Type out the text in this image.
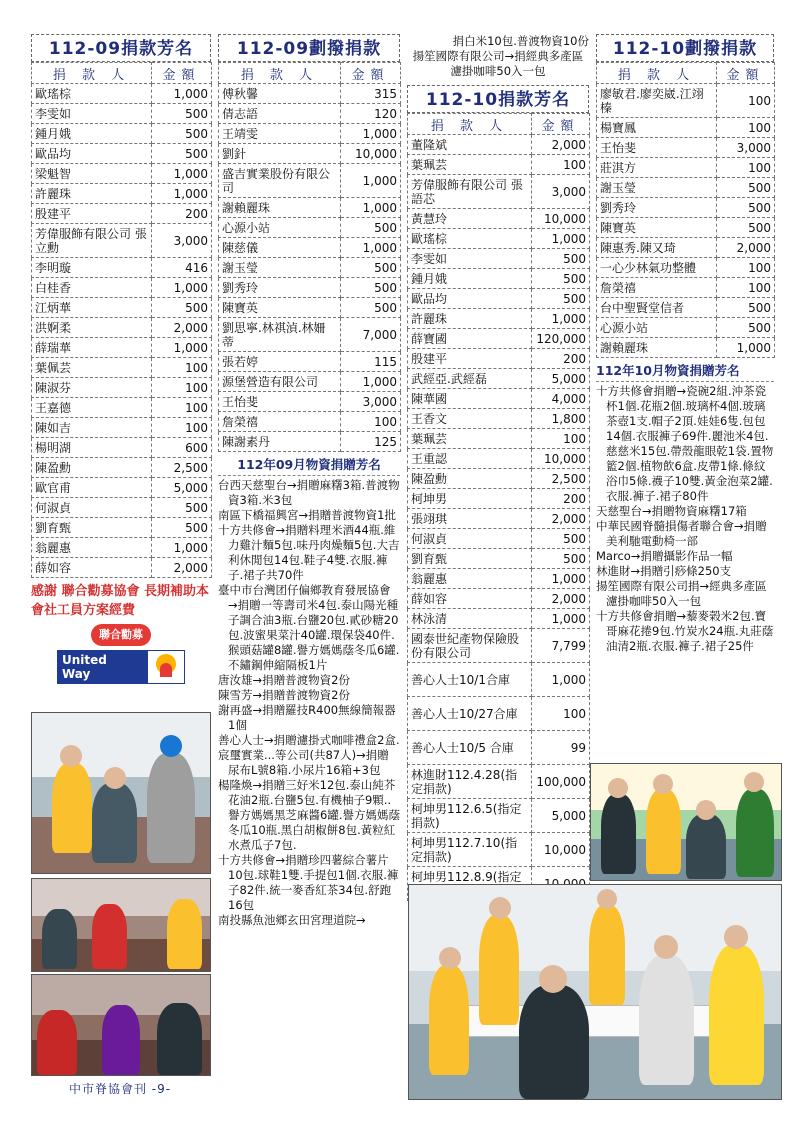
112-09捐款芳名
捐 款 人	金額
歐瑤棕	1,000
李雯如	500
鍾月娥	500
歐品均	500
梁魁智	1,000
許麗珠	1,000
殷建平	200
芳偉服飾有限公司 張立勳	3,000
李明璇	416
白桂香	1,000
江炳華	500
洪婀柔	2,000
薛瑞華	1,000
葉佩芸	100
陳淑芬	100
王嘉德	100
陳如吉	100
楊明湖	600
陳盈勳	2,500
歐官甫	5,000
何淑貞	500
劉育甄	500
翁麗惠	1,000
薛如容	2,000
感謝 聯合勸募協會 長期補助本會社工員方案經費
聯合勸募
United
Way
中市脊協會刊 -9-
112-09劃撥捐款
捐 款 人	金額
傅秋馨	315
倩志語	120
王靖雯	1,000
劉針	10,000
盛吉實業股份有限公司	1,000
謝賴麗珠	1,000
心源小站	500
陳慈儀	1,000
謝玉瑩	500
劉秀玲	500
陳寶英	500
劉思寧.林祺湞.林姍蒂	7,000
張若婷	115
源堡營造有限公司	1,000
王怡斐	3,000
詹榮禧	100
陳謝素丹	125
112年09月物資捐贈芳名
台西天慈聖台→捐贈麻糬3箱.普渡物資3箱.米3包
南區下橋福興宮→捐贈普渡物資1批
十方共修會→捐贈料理米酒44瓶.維力雞汁麵5包.味丹肉燥麵5包.大吉利休閒包14包.鞋子4雙.衣服.褲子.裙子共70件
臺中市台灣团仔偏鄉教育發展協會→捐贈一等壽司米4包.泰山陽光種子調合油3瓶.台鹽20包.貳砂糖20包.波蜜果菜汁40罐.環保袋40件.猴頭菇罐8罐.譽方媽媽蔭冬瓜6罐.不鏽鋼伸縮隔板1片
唐汝雄→捐贈普渡物資2份
陳雪芳→捐贈普渡物資2份
謝再盛→捐贈羅技R400無線簡報器1個
善心人士→捐贈濾掛式咖啡禮盒2盒.
宸璽實業...等公司(共87人)→捐贈尿布L號8箱.小尿片16箱+3包
楊隆煥→捐贈三好米12包.泰山純芥花油2瓶.台鹽5包.有機柚子9顆..譽方媽媽黑芝麻醬6罐.譽方媽媽蔭冬瓜10瓶.黑白胡椒餅8包.黃粒紅水煮瓜子7包.
十方共修會→捐贈珍四薯綜合薯片10包.球鞋1雙.手提包1個.衣服.褲子82件.統一麥香紅茶34包.舒跑16包
南投縣魚池鄉玄田宮理道院→
捐白米10包.普渡物資10份
揚笙國際有限公司→捐經典多產區濾掛咖啡50入一包
112-10捐款芳名
捐 款 人	金額
董隆斌	2,000
葉珮芸	100
芳偉服飾有限公司 張語芯	3,000
黃慧玲	10,000
歐瑤棕	1,000
李雯如	500
鍾月娥	500
歐品均	500
許麗珠	1,000
薛寶國	120,000
殷建平	200
武經亞.武經磊	5,000
陳華國	4,000
王香文	1,800
葉珮芸	100
王重認	10,000
陳盈勳	2,500
柯坤男	200
張翊琪	2,000
何淑貞	500
劉育甄	500
翁麗惠	1,000
薛如容	2,000
林泳清	1,000
國泰世紀產物保險股份有限公司	7,799
善心人士10/1合庫	1,000
善心人士10/27合庫	100
善心人士10/5 合庫	99
林進財112.4.28(指定捐款)	100,000
柯坤男112.6.5(指定捐款)	5,000
柯坤男112.7.10(指定捐款)	10,000
柯坤男112.8.9(指定	
112-10劃撥捐款
捐 款 人	金額
廖敏君.廖奕崴.江翊榛	100
楊寶鳳	100
王怡斐	3,000
莊淇方	100
謝玉瑩	500
劉秀玲	500
陳寶英	500
陳惠秀.陳又琦	2,000
一心少林氣功整體	100
詹榮禧	100
台中聖賢堂信者	500
心源小站	500
謝賴麗珠	1,000
112年10月物資捐贈芳名
十方共修會捐贈→瓷碗2組.沖茶瓷杯1個.花瓶2個.玻璃杯4個.玻璃茶壺1支.帽子2頂.娃娃6隻.包包14個.衣服褲子69件.麗池米4包.慈慈米15包.帶殼龍眼乾1袋.置物籃2個.植物飲6盒.皮帶1條.條紋浴巾5條.襪子10雙.黃金泡菜2罐.衣服.褲子.裙子80件
天慈聖台→捐贈物資麻糬17箱
中華民國脊髓損傷者聯合會→捐贈美利馳電動椅一部
Marco→捐贈攝影作品一幅
林進財→捐贈引痧條250支
揚笙國際有限公司捐→經典多產區濾掛咖啡50入一包
十方共修會捐贈→藜麥榖米2包.寶哥麻花捲9包.竹炭水24瓶.丸莊蔭油清2瓶.衣服.褲子.裙子25件
